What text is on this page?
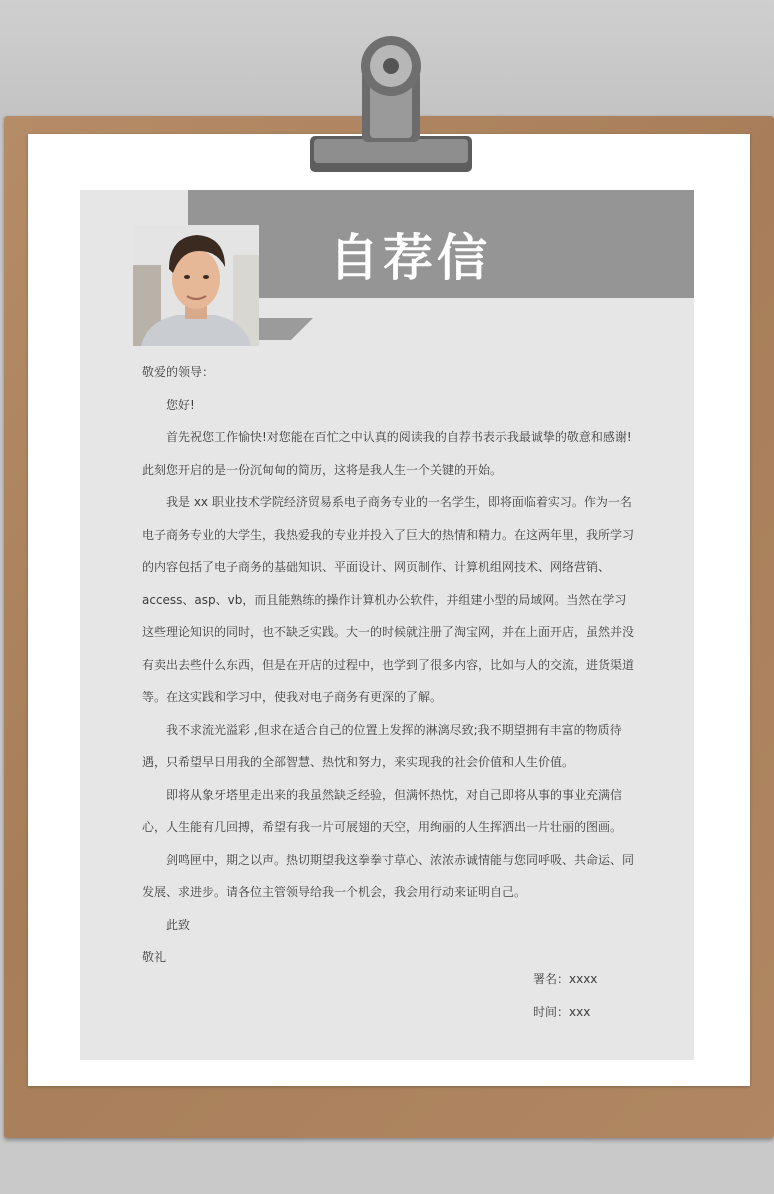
自荐信

敬爱的领导：

您好!

首先祝您工作愉快!对您能在百忙之中认真的阅读我的自荐书表示我最诚挚的敬意和感谢!此刻您开启的是一份沉甸甸的简历，这将是我人生一个关键的开始。

我是 xx 职业技术学院经济贸易系电子商务专业的一名学生，即将面临着实习。作为一名电子商务专业的大学生，我热爱我的专业并投入了巨大的热情和精力。在这两年里，我所学习的内容包括了电子商务的基础知识、平面设计、网页制作、计算机组网技术、网络营销、access、asp、vb，而且能熟练的操作计算机办公软件，并组建小型的局域网。当然在学习这些理论知识的同时，也不缺乏实践。大一的时候就注册了淘宝网，并在上面开店，虽然并没有卖出去些什么东西，但是在开店的过程中，也学到了很多内容，比如与人的交流，进货渠道等。在这实践和学习中，使我对电子商务有更深的了解。

我不求流光溢彩 ,但求在适合自己的位置上发挥的淋漓尽致;我不期望拥有丰富的物质待遇，只希望早日用我的全部智慧、热忱和努力，来实现我的社会价值和人生价值。

即将从象牙塔里走出来的我虽然缺乏经验，但满怀热忱，对自己即将从事的事业充满信心，人生能有几回搏，希望有我一片可展翅的天空，用绚丽的人生挥洒出一片壮丽的图画。

剑鸣匣中，期之以声。热切期望我这拳拳寸草心、浓浓赤诚情能与您同呼吸、共命运、同发展、求进步。请各位主管领导给我一个机会，我会用行动来证明自己。

此致

敬礼

署名：xxxx
时间：xxx
